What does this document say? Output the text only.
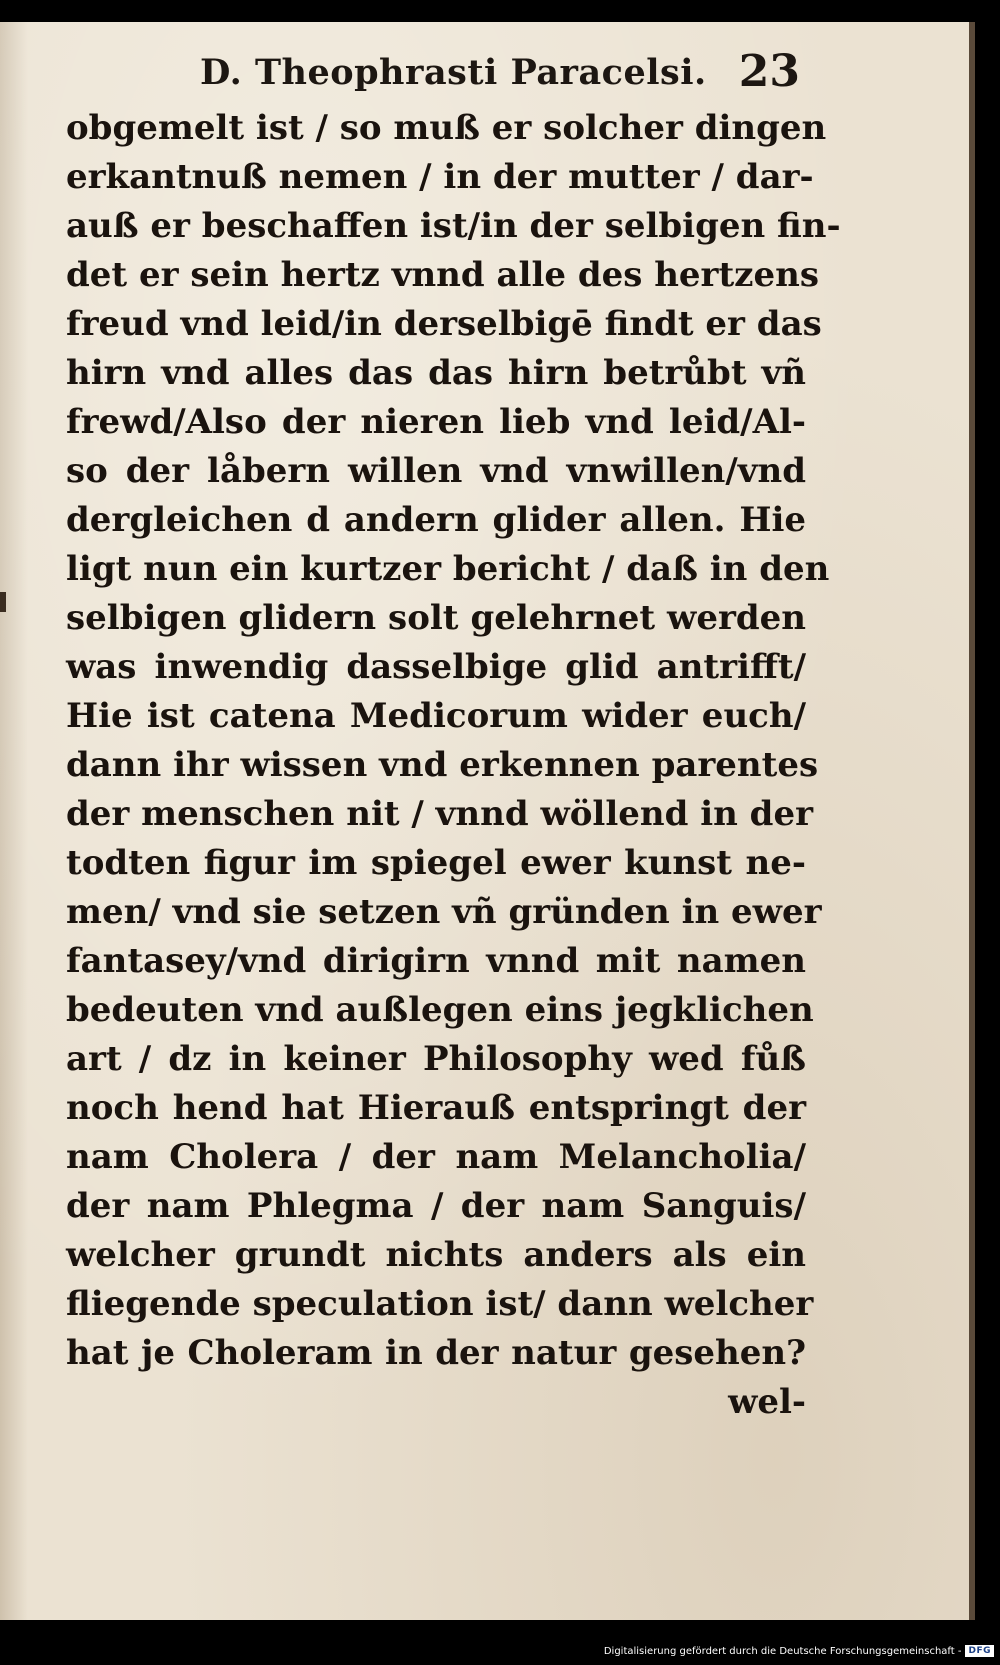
D. Theophrasti Paracelsi. 23
obgemelt ist / so muß er solcher dingen
erkantnuß nemen / in der mutter / dar-
auß er beschaffen ist/in der selbigen fin-
det er sein hertz vnnd alle des hertzens
freud vnd leid/in derselbigē findt er das
hirn vnd alles das das hirn betrůbt vñ
frewd/Also der nieren lieb vnd leid/Al-
so der låbern willen vnd vnwillen/vnd
dergleichen d andern glider allen. Hie
ligt nun ein kurtzer bericht / daß in den
selbigen glidern solt gelehrnet werden
was inwendig dasselbige glid antrifft/
Hie ist catena Medicorum wider euch/
dann ihr wissen vnd erkennen parentes
der menschen nit / vnnd wöllend in der
todten figur im spiegel ewer kunst ne-
men/ vnd sie setzen vñ gründen in ewer
fantasey/vnd dirigirn vnnd mit namen
bedeuten vnd außlegen eins jegklichen
art / dz in keiner Philosophy wed fůß
noch hend hat Hierauß entspringt der
nam Cholera / der nam Melancholia/
der nam Phlegma / der nam Sanguis/
welcher grundt nichts anders als ein
fliegende speculation ist/ dann welcher
hat je Choleram in der natur gesehen?
wel-
Digitalisierung gefördert durch die Deutsche Forschungsgemeinschaft - DFG
